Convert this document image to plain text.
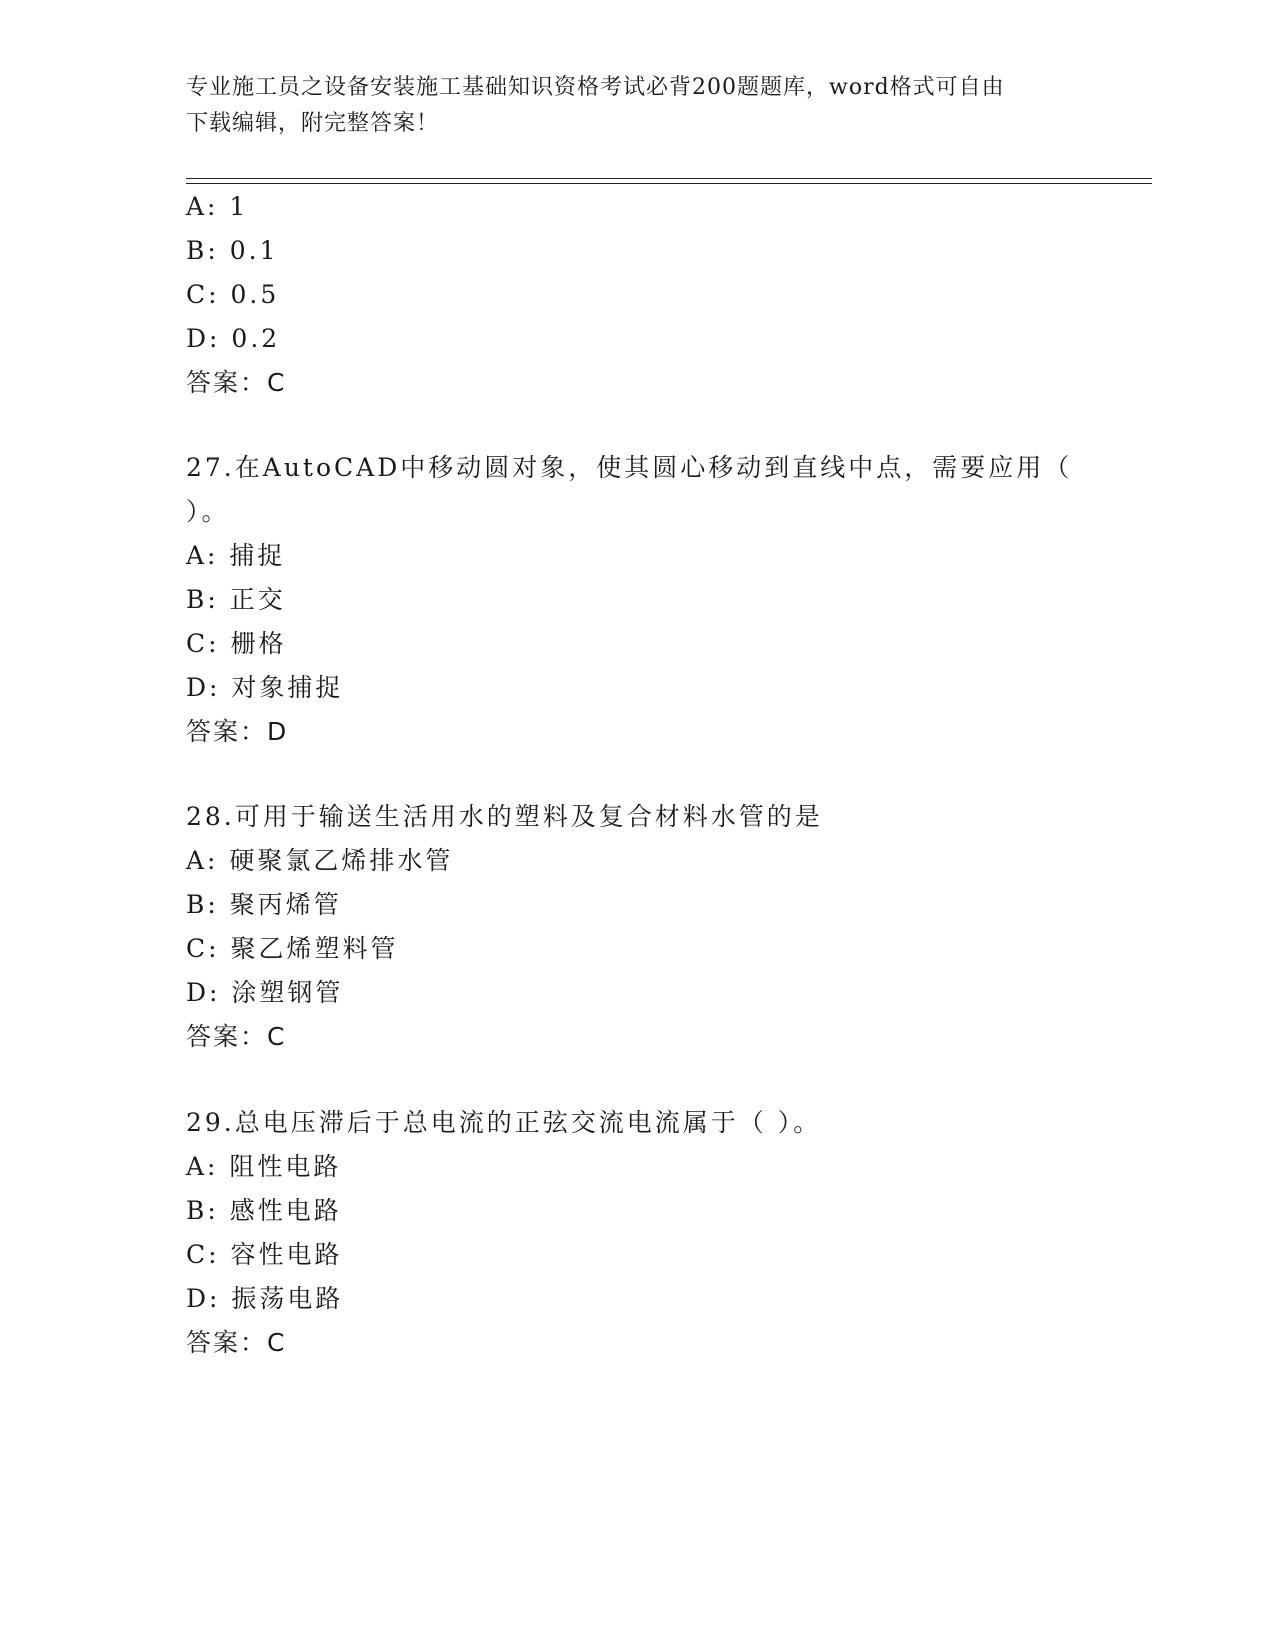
专业施工员之设备安装施工基础知识资格考试必背200题题库，word格式可自由
下载编辑，附完整答案！
A: 1
B: 0.1
C: 0.5
D: 0.2
答案：C
27.在AutoCAD中移动圆对象，使其圆心移动到直线中点，需要应用（
）。
A: 捕捉
B: 正交
C: 栅格
D: 对象捕捉
答案：D
28.可用于输送生活用水的塑料及复合材料水管的是
A: 硬聚氯乙烯排水管
B: 聚丙烯管
C: 聚乙烯塑料管
D: 涂塑钢管
答案：C
29.总电压滞后于总电流的正弦交流电流属于（ ）。
A: 阻性电路
B: 感性电路
C: 容性电路
D: 振荡电路
答案：C
